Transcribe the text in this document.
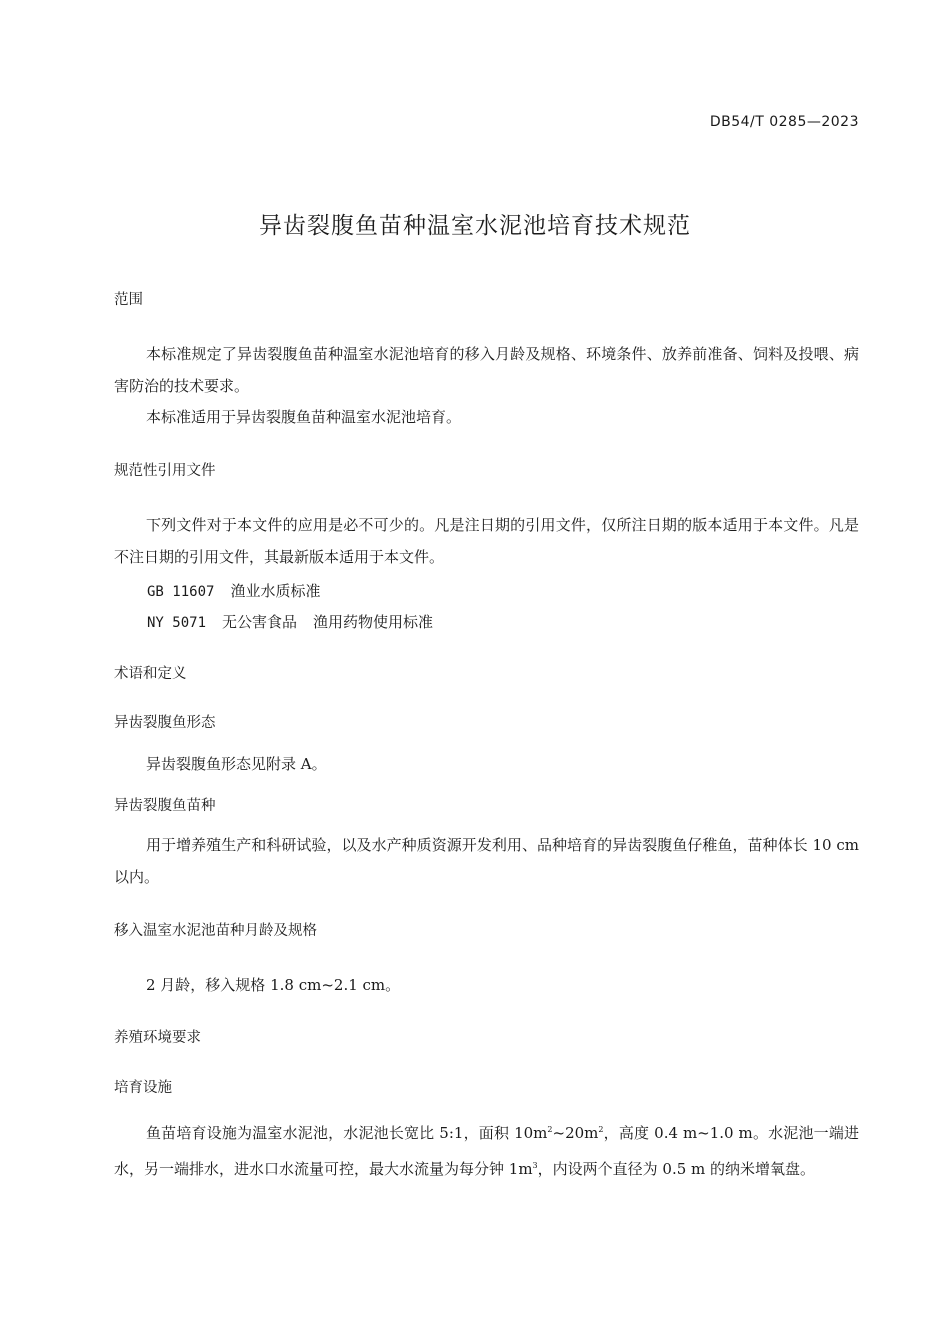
DB54/T 0285—2023
异齿裂腹鱼苗种温室水泥池培育技术规范
范围
本标准规定了异齿裂腹鱼苗种温室水泥池培育的移入月龄及规格、环境条件、放养前准备、饲料及投喂、病害防治的技术要求。
本标准适用于异齿裂腹鱼苗种温室水泥池培育。
规范性引用文件
下列文件对于本文件的应用是必不可少的。凡是注日期的引用文件，仅所注日期的版本适用于本文件。凡是不注日期的引用文件，其最新版本适用于本文件。
GB 11607 渔业水质标准
NY 5071 无公害食品 渔用药物使用标准
术语和定义
异齿裂腹鱼形态
异齿裂腹鱼形态见附录 A。
异齿裂腹鱼苗种
用于增养殖生产和科研试验，以及水产种质资源开发利用、品种培育的异齿裂腹鱼仔稚鱼，苗种体长 10 cm 以内。
移入温室水泥池苗种月龄及规格
2 月龄，移入规格 1.8 cm~2.1 cm。
养殖环境要求
培育设施
鱼苗培育设施为温室水泥池，水泥池长宽比 5:1，面积 $10m^2\sim 20m^2$，高度 0.4 m~1.0 m。水泥池一端进水，另一端排水，进水口水流量可控，最大水流量为每分钟 $1m^3$，内设两个直径为 0.5 m 的纳米增氧盘。
